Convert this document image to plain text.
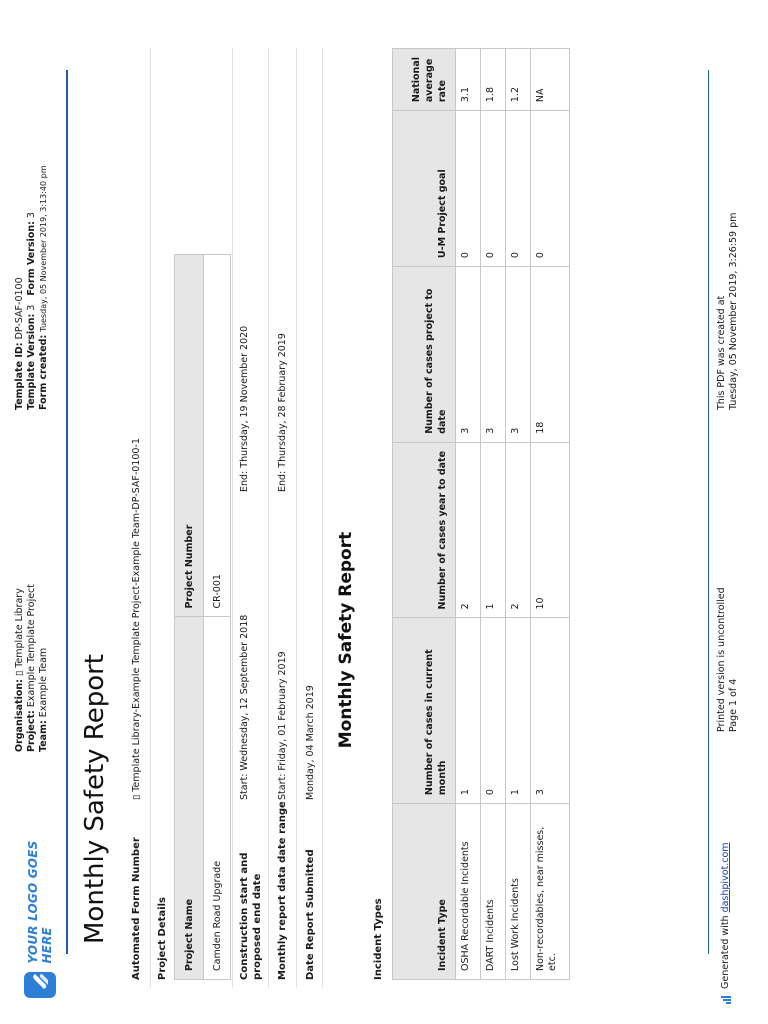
YOUR LOGO GOES HERE
Organisation: ▯ Template Library
Project: Example Template Project
Team: Example Team
Template ID: DP-SAF-0100
Template Version: 3   Form Version: 3
Form created: Tuesday, 05 November 2019, 3:13:40 pm
Monthly Safety Report Automated Form Number
▯ Template Library-Example Template Project-Example Team-DP-SAF-0100-1
Project Details Project Name	Project Number
Camden Road Upgrade	CR-001
Construction start and proposed end date
Start: Wednesday, 12 September 2018
End: Thursday, 19 November 2020
Monthly report data date range
Start: Friday, 01 February 2019
End: Thursday, 28 February 2019
Date Report Submitted
Monday, 04 March 2019 Monthly Safety Report
Incident Types	Incident Type	Number of cases in current month	Number of cases year to date	Number of cases project to date	U-M Project goal	National average rate
OSHA Recordable Incidents	1	2	3	0	3.1
DART Incidents	0	1	3	0	1.8
Lost Work Incidents	1	2	3	0	1.2
Non-recordables, near misses, etc.	3	10	18	0	NA
Generated with
dashpivot.com
Printed version is uncontrolled Page 1 of 4
This PDF was created at Tuesday, 05 November 2019, 3:26:59 pm
